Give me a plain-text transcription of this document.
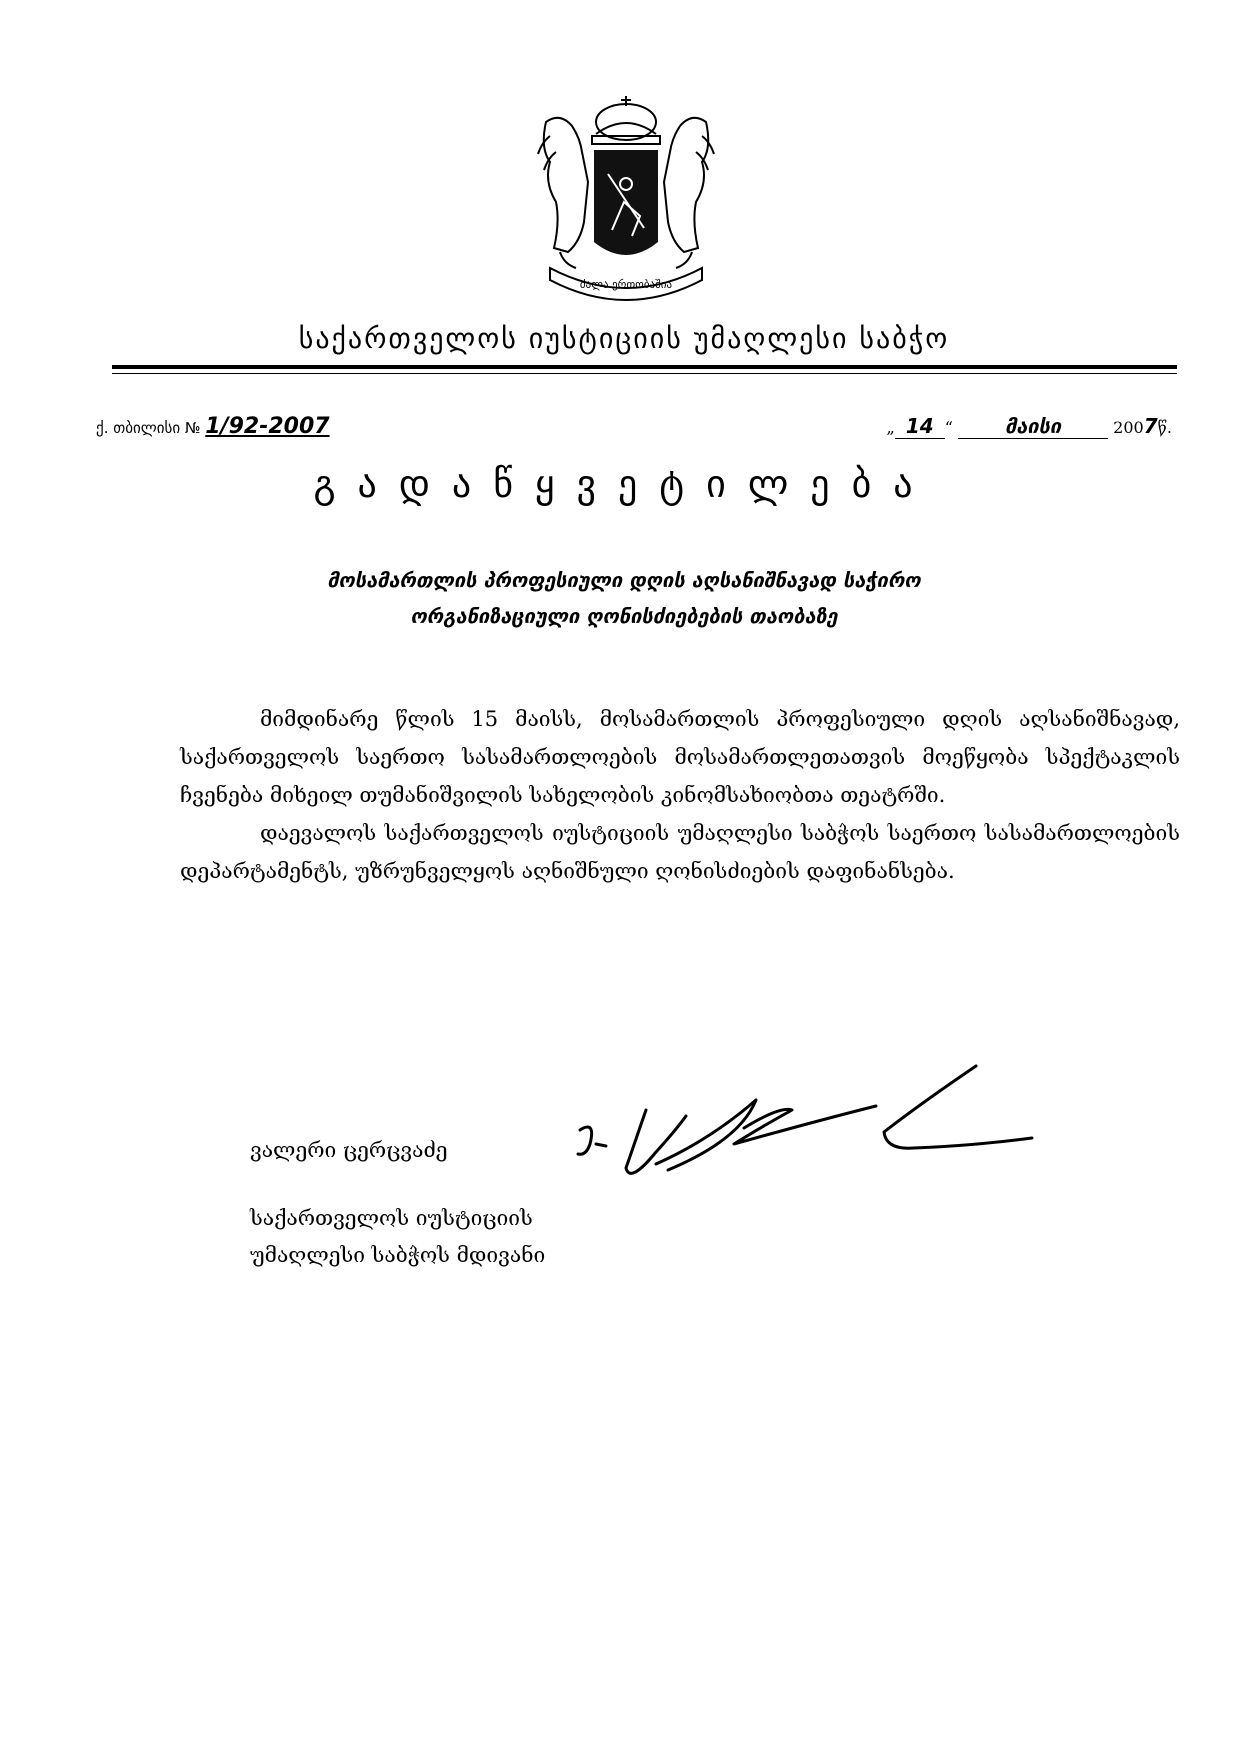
ძალა ერთობაშია
საქართველოს იუსტიციის უმაღლესი საბჭო
ქ. თბილისი № 1/92-2007	„ 14 “	მაისი	2007წ.
გადაწყვეტილება
მოსამართლის პროფესიული დღის აღსანიშნავად საჭირო
ორგანიზაციული ღონისძიებების თაობაზე

მიმდინარე წლის 15 მაისს, მოსამართლის პროფესიული დღის აღსანიშნავად, საქართველოს საერთო სასამართლოების მოსამართლეთათვის მოეწყობა სპექტაკლის ჩვენება მიხეილ თუმანიშვილის სახელობის კინომსახიობთა თეატრში.

დაევალოს საქართველოს იუსტიციის უმაღლესი საბჭოს საერთო სასამართლოების დეპარტამენტს, უზრუნველყოს აღნიშნული ღონისძიების დაფინანსება.

ვალერი ცერცვაძე
საქართველოს იუსტიციის
უმაღლესი საბჭოს მდივანი
